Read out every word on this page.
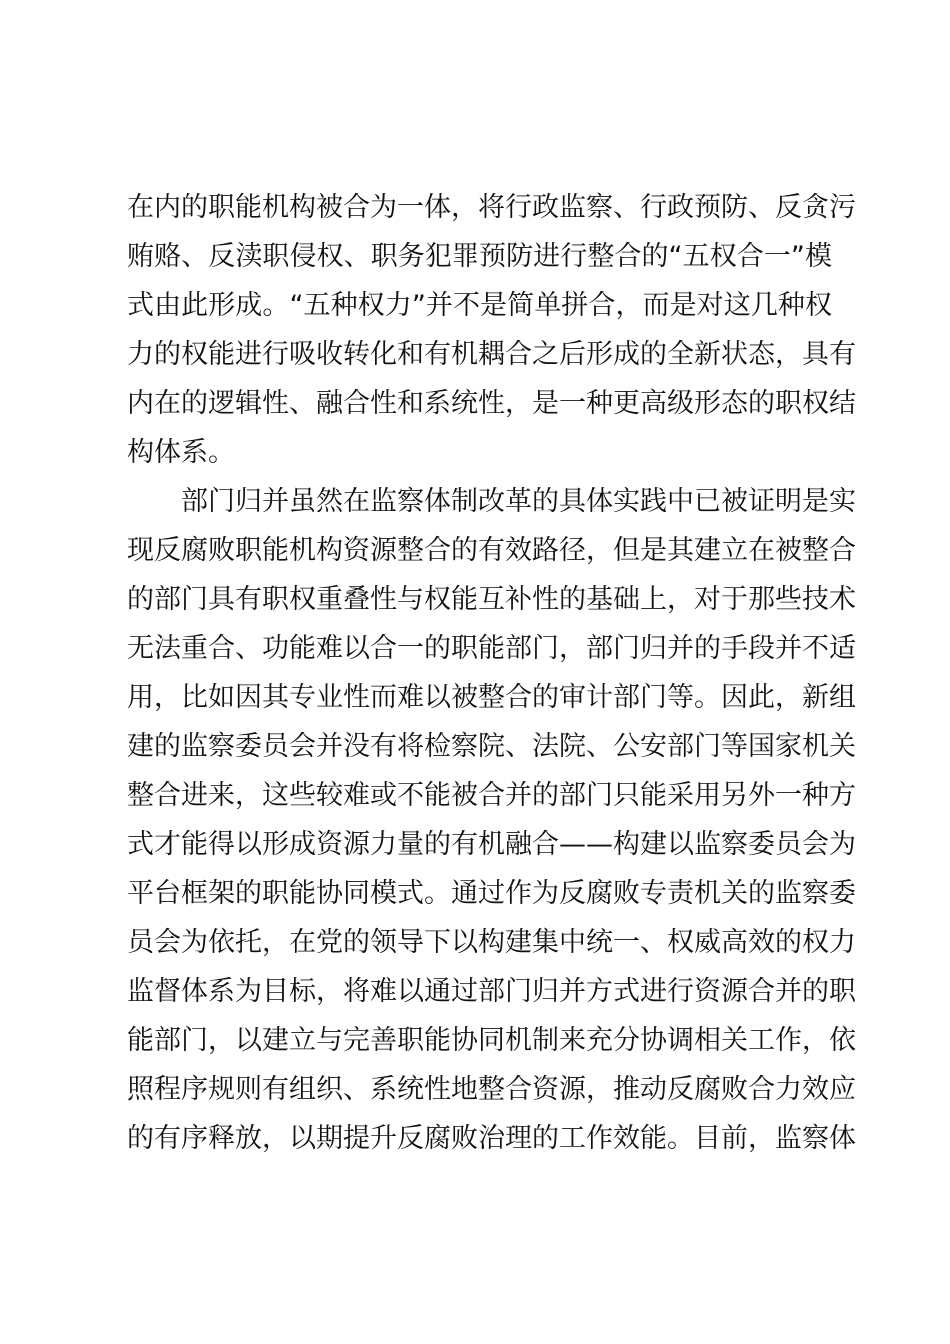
在内的职能机构被合为一体，将行政监察、行政预防、反贪污
贿赂、反渎职侵权、职务犯罪预防进行整合的“五权合一”模
式由此形成。“五种权力”并不是简单拼合，而是对这几种权
力的权能进行吸收转化和有机耦合之后形成的全新状态，具有
内在的逻辑性、融合性和系统性，是一种更高级形态的职权结
构体系。
部门归并虽然在监察体制改革的具体实践中已被证明是实
现反腐败职能机构资源整合的有效路径，但是其建立在被整合
的部门具有职权重叠性与权能互补性的基础上，对于那些技术
无法重合、功能难以合一的职能部门，部门归并的手段并不适
用，比如因其专业性而难以被整合的审计部门等。因此，新组
建的监察委员会并没有将检察院、法院、公安部门等国家机关
整合进来，这些较难或不能被合并的部门只能采用另外一种方
式才能得以形成资源力量的有机融合——构建以监察委员会为
平台框架的职能协同模式。通过作为反腐败专责机关的监察委
员会为依托，在党的领导下以构建集中统一、权威高效的权力
监督体系为目标，将难以通过部门归并方式进行资源合并的职
能部门，以建立与完善职能协同机制来充分协调相关工作，依
照程序规则有组织、系统性地整合资源，推动反腐败合力效应
的有序释放，以期提升反腐败治理的工作效能。目前，监察体
